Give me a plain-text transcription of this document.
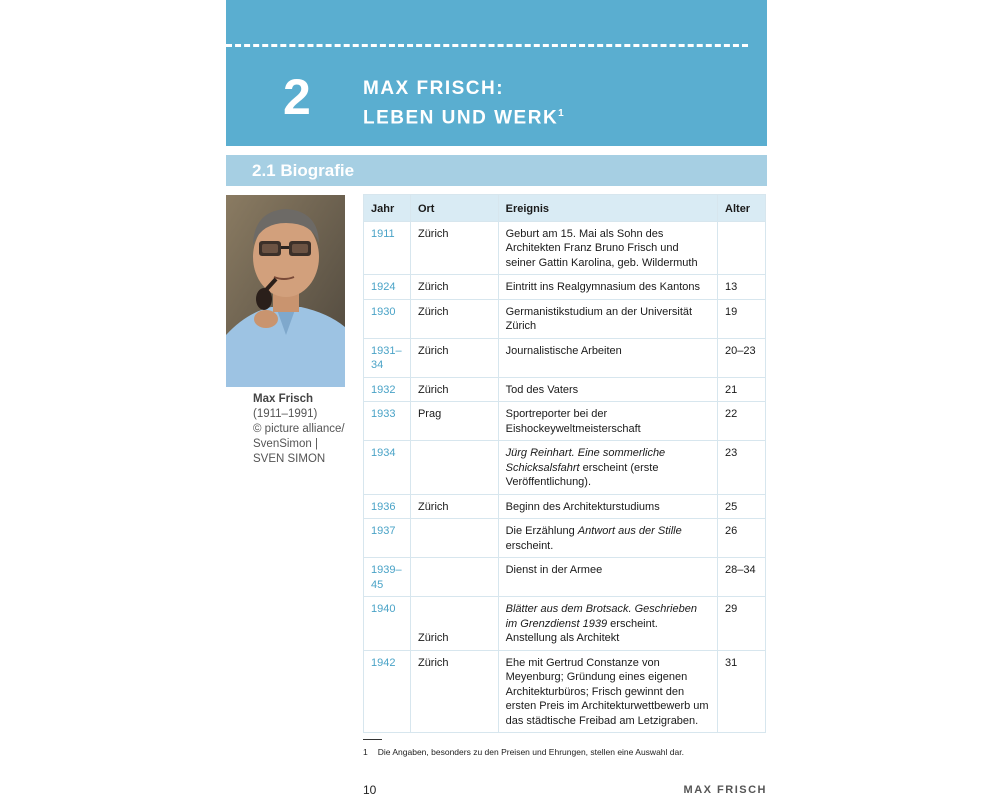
2	MAX FRISCH:
LEBEN UND WERK$^1$
2.1 Biografie
Max Frisch
(1911–1991)
© picture alliance/
SvenSimon |
SVEN SIMON
Jahr	Ort	Ereignis	Alter
1911	Zürich	Geburt am 15. Mai als Sohn des Architekten Franz Bruno Frisch und seiner Gattin Karolina, geb. Wildermuth	
1924	Zürich	Eintritt ins Realgymnasium des Kantons	13
1930	Zürich	Germanistikstudium an der Universität Zürich	19
1931–34	Zürich	Journalistische Arbeiten	20–23
1932	Zürich	Tod des Vaters	21
1933	Prag	Sportreporter bei der Eishockeyweltmeisterschaft	22
1934		Jürg Reinhart. Eine sommerliche Schicksalsfahrt erscheint (erste Veröffentlichung).	23
1936	Zürich	Beginn des Architekturstudiums	25
1937		Die Erzählung Antwort aus der Stille erscheint.	26
1939–45		Dienst in der Armee	28–34
1940	Zürich	Blätter aus dem Brotsack. Geschrieben im Grenzdienst 1939 erscheint.
Anstellung als Architekt	29
1942	Zürich	Ehe mit Gertrud Constanze von Meyenburg; Gründung eines eigenen Architekturbüros; Frisch gewinnt den ersten Preis im Architekturwettbewerb um das städtische Freibad am Letzigraben.	31
1 Die Angaben, besonders zu den Preisen und Ehrungen, stellen eine Auswahl dar.
10	MAX FRISCH
